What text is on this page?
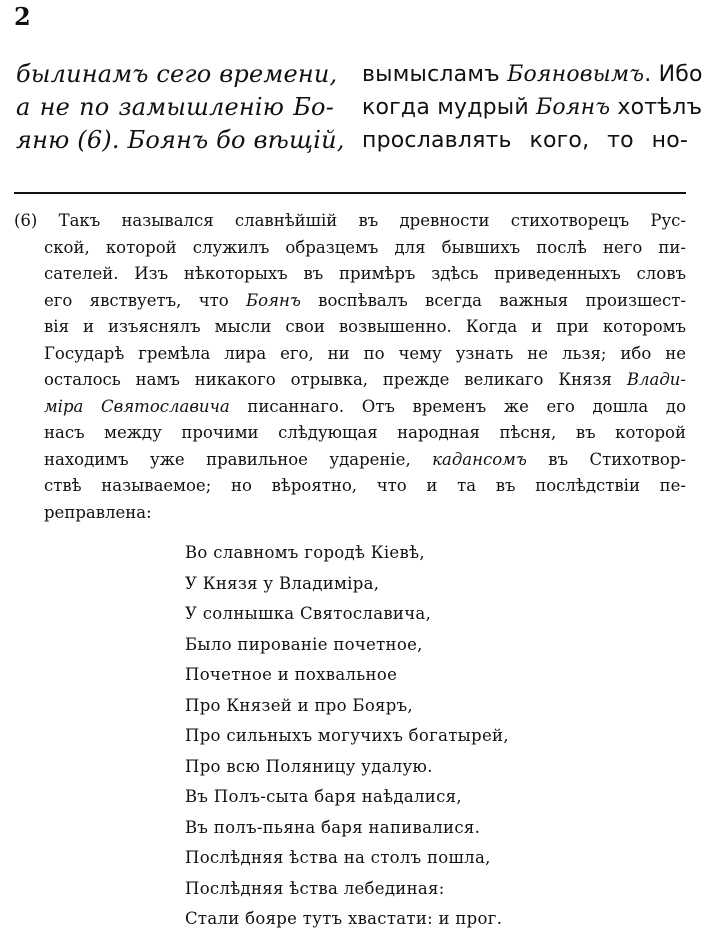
2
былинамъ сего времени,
а не по замышленію Бо-
яню (6). Боянъ бо вѣщій,
вымысламъ Бояновымъ. Ибо
когда мудрый Боянъ хотѣлъ
прославлять кого, то но-
(6) Такъ назывался славнѣйшій въ древности стихотворецъ Рус-
ской, которой служилъ образцемъ для бывшихъ послѣ него пи-
сателей. Изъ нѣкоторыхъ въ примѣръ здѣсь приведенныхъ словъ
его явствуетъ, что Боянъ воспѣвалъ всегда важныя произшест-
вія и изъяснялъ мысли свои возвышенно. Когда и при которомъ
Государѣ гремѣла лира его, ни по чему узнать не льзя; ибо не
осталось намъ никакого отрывка, прежде великаго Князя Влади-
міра Святославича писаннаго. Отъ временъ же его дошла до
насъ между прочими слѣдующая народная пѣсня, въ которой
находимъ уже правильное удареніе, кадансомъ въ Стихотвор-
ствѣ называемое; но вѣроятно, что и та въ послѣдствіи пе-
реправлена:
Во славномъ городѣ Кіевѣ,
У Князя у Владиміра,
У солнышка Святославича,
Было пированіе почетное,
Почетное и похвальное
Про Князей и про Бояръ,
Про сильныхъ могучихъ богатырей,
Про всю Поляницу удалую.
Въ Полъ-сыта баря наѣдалися,
Въ полъ-пьяна баря напивалися.
Послѣдняя ѣства на столъ пошла,
Послѣдняя ѣства лебединая:
Стали бояре тутъ хвастати: и прог.
